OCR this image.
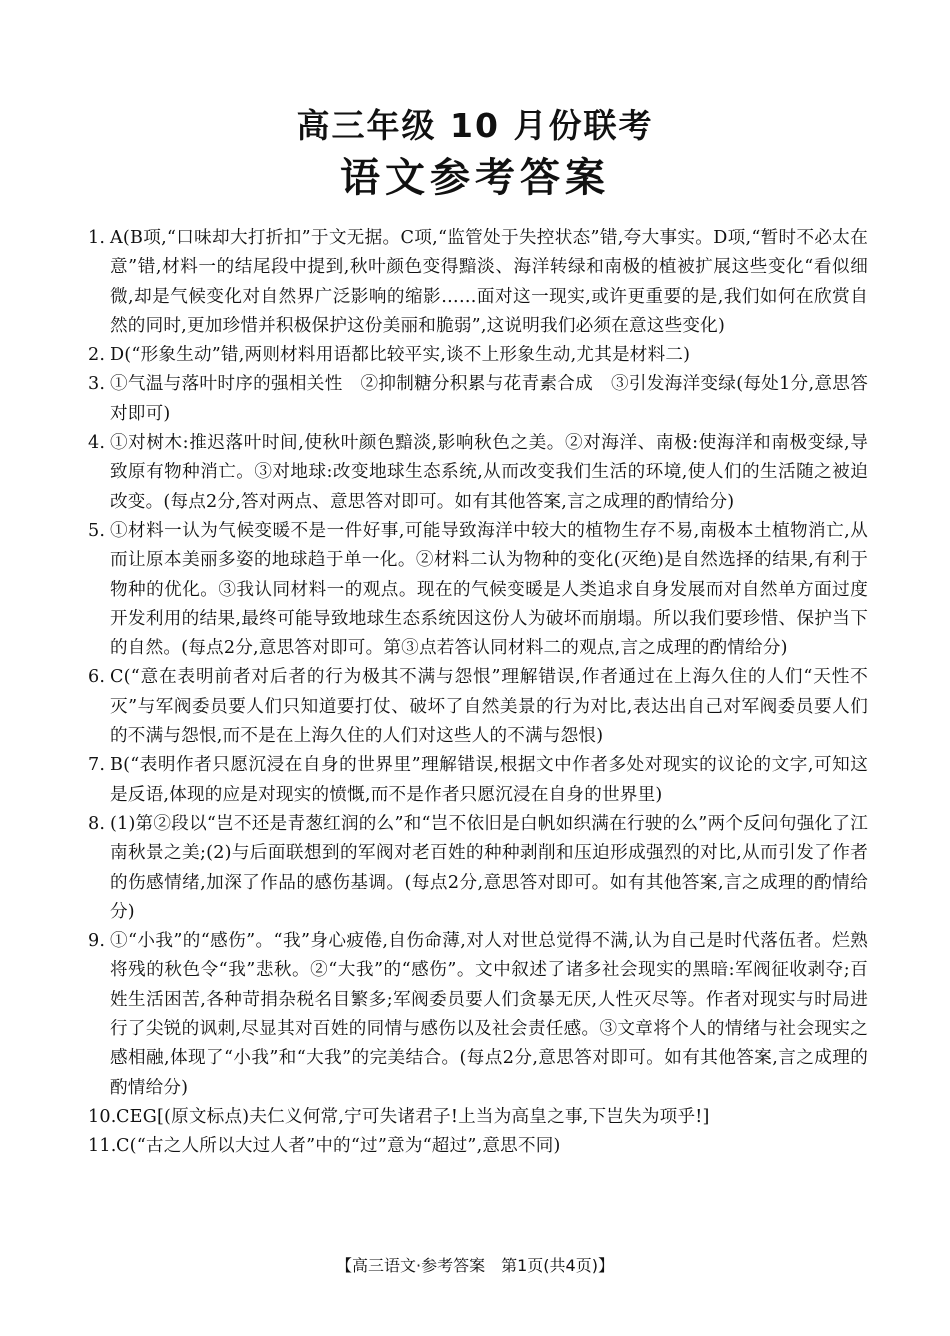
高三年级 10 月份联考
语文参考答案
1. A(B项,“口味却大打折扣”于文无据。C项,“监管处于失控状态”错,夸大事实。D项,“暂时不必太在意”错,材料一的结尾段中提到,秋叶颜色变得黯淡、海洋转绿和南极的植被扩展这些变化“看似细微,却是气候变化对自然界广泛影响的缩影……面对这一现实,或许更重要的是,我们如何在欣赏自然的同时,更加珍惜并积极保护这份美丽和脆弱”,这说明我们必须在意这些变化)
2. D(“形象生动”错,两则材料用语都比较平实,谈不上形象生动,尤其是材料二)
3. ①气温与落叶时序的强相关性　②抑制糖分积累与花青素合成　③引发海洋变绿(每处1分,意思答对即可)
4. ①对树木:推迟落叶时间,使秋叶颜色黯淡,影响秋色之美。②对海洋、南极:使海洋和南极变绿,导致原有物种消亡。③对地球:改变地球生态系统,从而改变我们生活的环境,使人们的生活随之被迫改变。(每点2分,答对两点、意思答对即可。如有其他答案,言之成理的酌情给分)
5. ①材料一认为气候变暖不是一件好事,可能导致海洋中较大的植物生存不易,南极本土植物消亡,从而让原本美丽多姿的地球趋于单一化。②材料二认为物种的变化(灭绝)是自然选择的结果,有利于物种的优化。③我认同材料一的观点。现在的气候变暖是人类追求自身发展而对自然单方面过度开发利用的结果,最终可能导致地球生态系统因这份人为破坏而崩塌。所以我们要珍惜、保护当下的自然。(每点2分,意思答对即可。第③点若答认同材料二的观点,言之成理的酌情给分)
6. C(“意在表明前者对后者的行为极其不满与怨恨”理解错误,作者通过在上海久住的人们“天性不灭”与军阀委员要人们只知道要打仗、破坏了自然美景的行为对比,表达出自己对军阀委员要人们的不满与怨恨,而不是在上海久住的人们对这些人的不满与怨恨)
7. B(“表明作者只愿沉浸在自身的世界里”理解错误,根据文中作者多处对现实的议论的文字,可知这是反语,体现的应是对现实的愤慨,而不是作者只愿沉浸在自身的世界里)
8. (1)第②段以“岂不还是青葱红润的么”和“岂不依旧是白帆如织满在行驶的么”两个反问句强化了江南秋景之美;(2)与后面联想到的军阀对老百姓的种种剥削和压迫形成强烈的对比,从而引发了作者的伤感情绪,加深了作品的感伤基调。(每点2分,意思答对即可。如有其他答案,言之成理的酌情给分)
9. ①“小我”的“感伤”。“我”身心疲倦,自伤命薄,对人对世总觉得不满,认为自己是时代落伍者。烂熟将残的秋色令“我”悲秋。②“大我”的“感伤”。文中叙述了诸多社会现实的黑暗:军阀征收剥夺;百姓生活困苦,各种苛捐杂税名目繁多;军阀委员要人们贪暴无厌,人性灭尽等。作者对现实与时局进行了尖锐的讽刺,尽显其对百姓的同情与感伤以及社会责任感。③文章将个人的情绪与社会现实之感相融,体现了“小我”和“大我”的完美结合。(每点2分,意思答对即可。如有其他答案,言之成理的酌情给分)
10. CEG[(原文标点)夫仁义何常,宁可失诸君子!上当为高皇之事,下岂失为项乎!]
11. C(“古之人所以大过人者”中的“过”意为“超过”,意思不同)
【高三语文·参考答案　第1页(共4页)】
